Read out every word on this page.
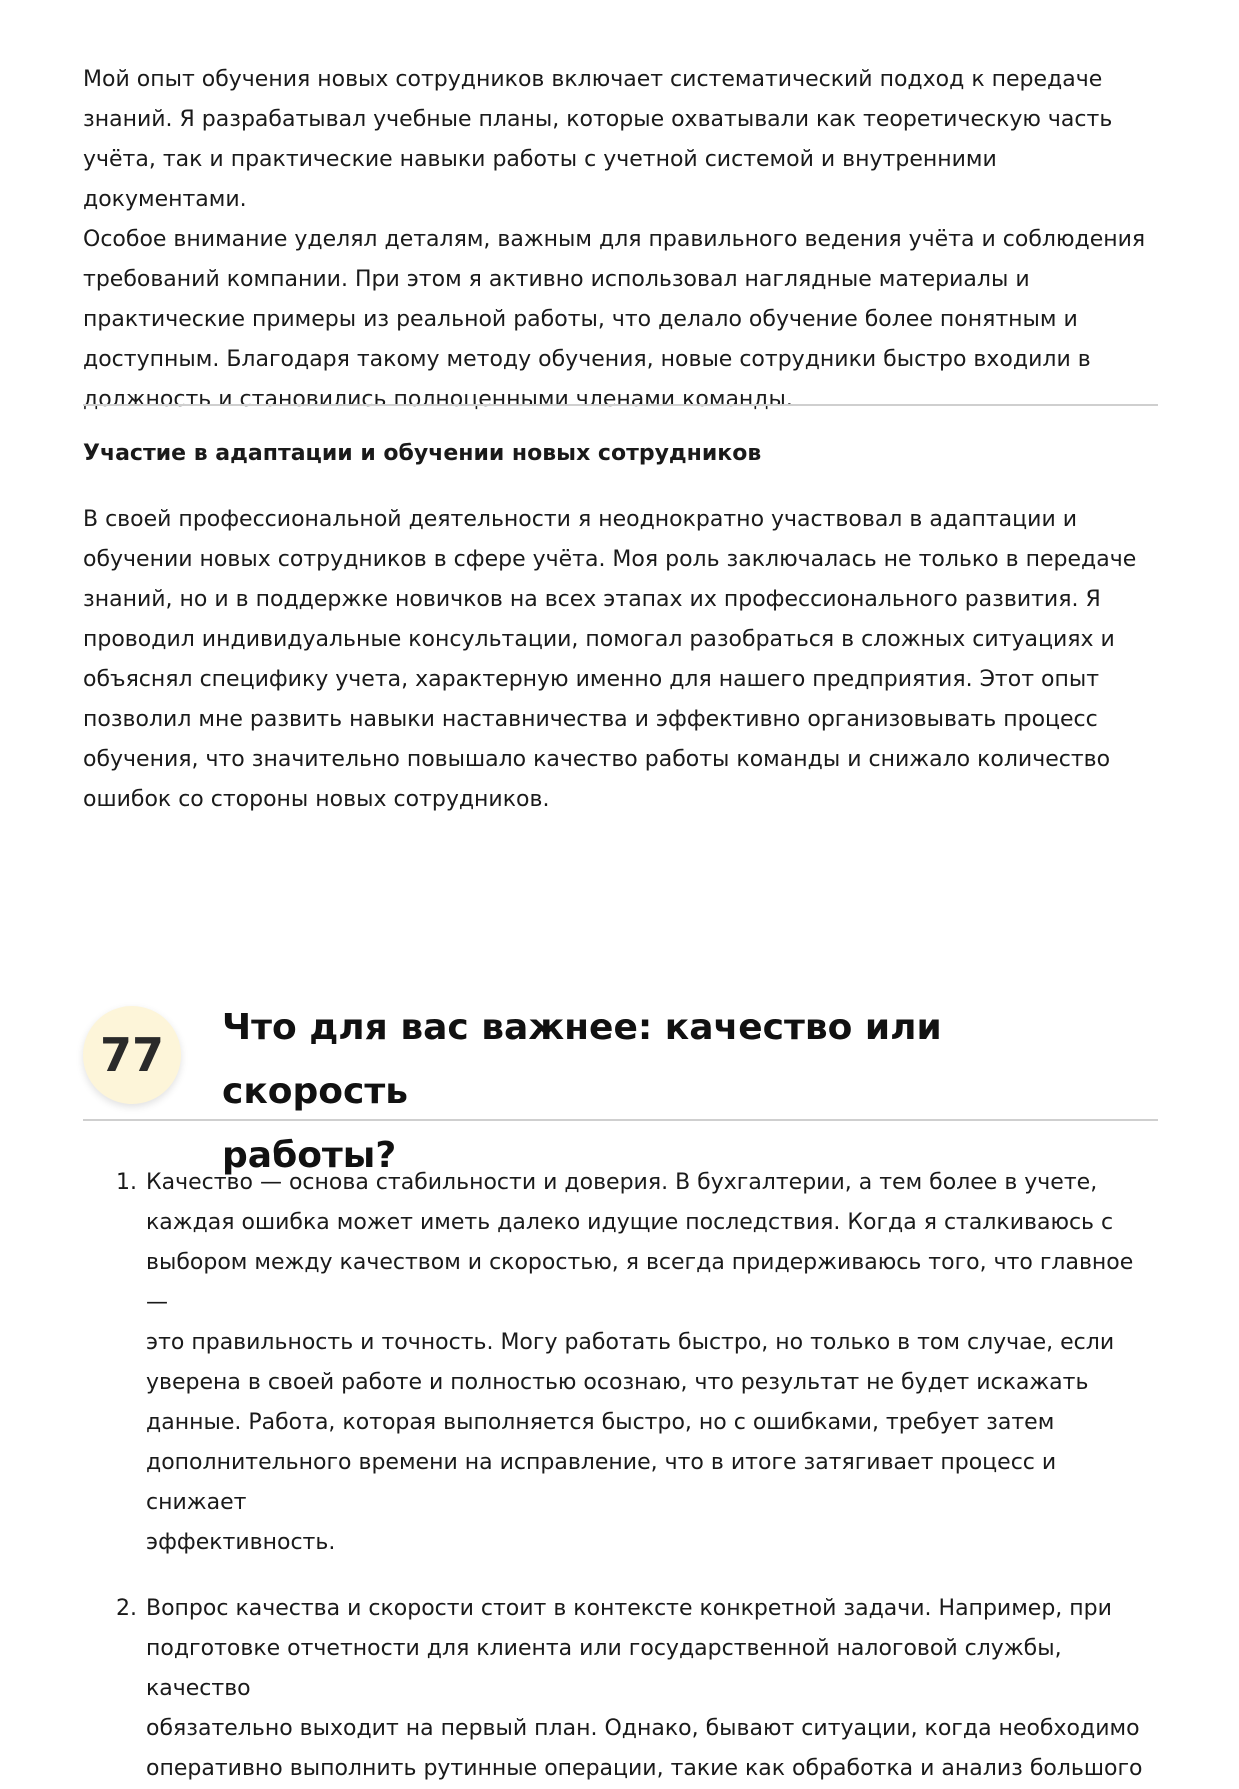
Мой опыт обучения новых сотрудников включает систематический подход к передаче

знаний. Я разрабатывал учебные планы, которые охватывали как теоретическую часть

учёта, так и практические навыки работы с учетной системой и внутренними документами.

Особое внимание уделял деталям, важным для правильного ведения учёта и соблюдения

требований компании. При этом я активно использовал наглядные материалы и

практические примеры из реальной работы, что делало обучение более понятным и

доступным. Благодаря такому методу обучения, новые сотрудники быстро входили в

должность и становились полноценными членами команды.

Участие в адаптации и обучении новых сотрудников

В своей профессиональной деятельности я неоднократно участвовал в адаптации и

обучении новых сотрудников в сфере учёта. Моя роль заключалась не только в передаче

знаний, но и в поддержке новичков на всех этапах их профессионального развития. Я

проводил индивидуальные консультации, помогал разобраться в сложных ситуациях и

объяснял специфику учета, характерную именно для нашего предприятия. Этот опыт

позволил мне развить навыки наставничества и эффективно организовывать процесс

обучения, что значительно повышало качество работы команды и снижало количество

ошибок со стороны новых сотрудников.

77
Что для вас важнее: качество или скорость
работы?
1. Качество — основа стабильности и доверия. В бухгалтерии, а тем более в учете,

каждая ошибка может иметь далеко идущие последствия. Когда я сталкиваюсь с

выбором между качеством и скоростью, я всегда придерживаюсь того, что главное —

это правильность и точность. Могу работать быстро, но только в том случае, если

уверена в своей работе и полностью осознаю, что результат не будет искажать

данные. Работа, которая выполняется быстро, но с ошибками, требует затем

дополнительного времени на исправление, что в итоге затягивает процесс и снижает

эффективность.

2. Вопрос качества и скорости стоит в контексте конкретной задачи. Например, при

подготовке отчетности для клиента или государственной налоговой службы, качество

обязательно выходит на первый план. Однако, бывают ситуации, когда необходимо

оперативно выполнить рутинные операции, такие как обработка и анализ большого
